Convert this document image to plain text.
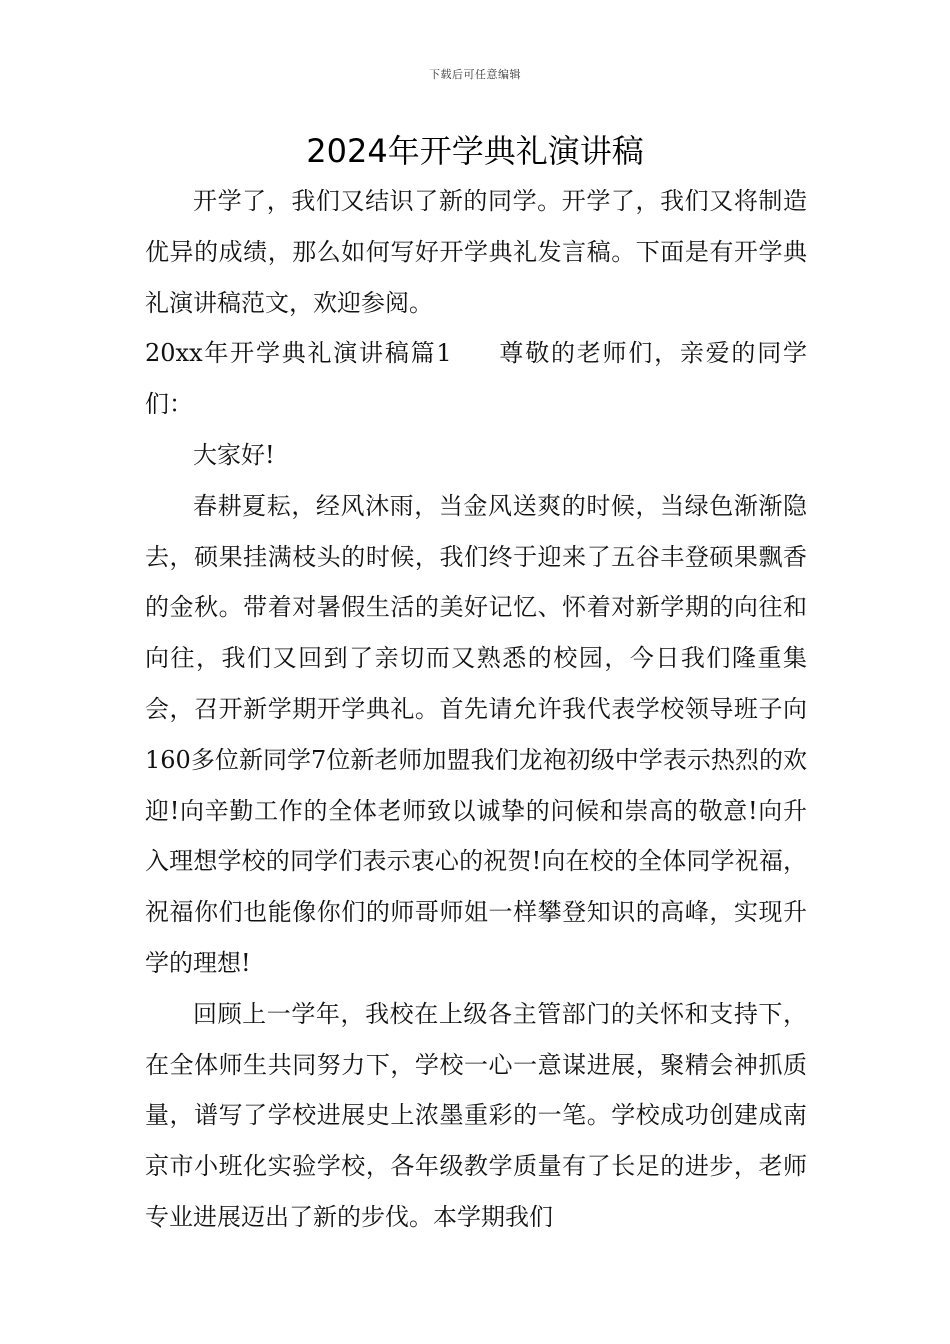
下载后可任意编辑
2024年开学典礼演讲稿

开学了，我们又结识了新的同学。开学了，我们又将制造优异的成绩，那么如何写好开学典礼发言稿。下面是有开学典礼演讲稿范文，欢迎参阅。

20xx年开学典礼演讲稿篇1 尊敬的老师们，亲爱的同学们：

大家好!

春耕夏耘，经风沐雨，当金风送爽的时候，当绿色渐渐隐去，硕果挂满枝头的时候，我们终于迎来了五谷丰登硕果飘香的金秋。带着对暑假生活的美好记忆、怀着对新学期的向往和向往，我们又回到了亲切而又熟悉的校园，今日我们隆重集会，召开新学期开学典礼。首先请允许我代表学校领导班子向160多位新同学7位新老师加盟我们龙袍初级中学表示热烈的欢迎!向辛勤工作的全体老师致以诚挚的问候和崇高的敬意!向升入理想学校的同学们表示衷心的祝贺!向在校的全体同学祝福，祝福你们也能像你们的师哥师姐一样攀登知识的高峰，实现升学的理想!

回顾上一学年，我校在上级各主管部门的关怀和支持下，在全体师生共同努力下，学校一心一意谋进展，聚精会神抓质量，谱写了学校进展史上浓墨重彩的一笔。学校成功创建成南京市小班化实验学校，各年级教学质量有了长足的进步，老师专业进展迈出了新的步伐。本学期我们
